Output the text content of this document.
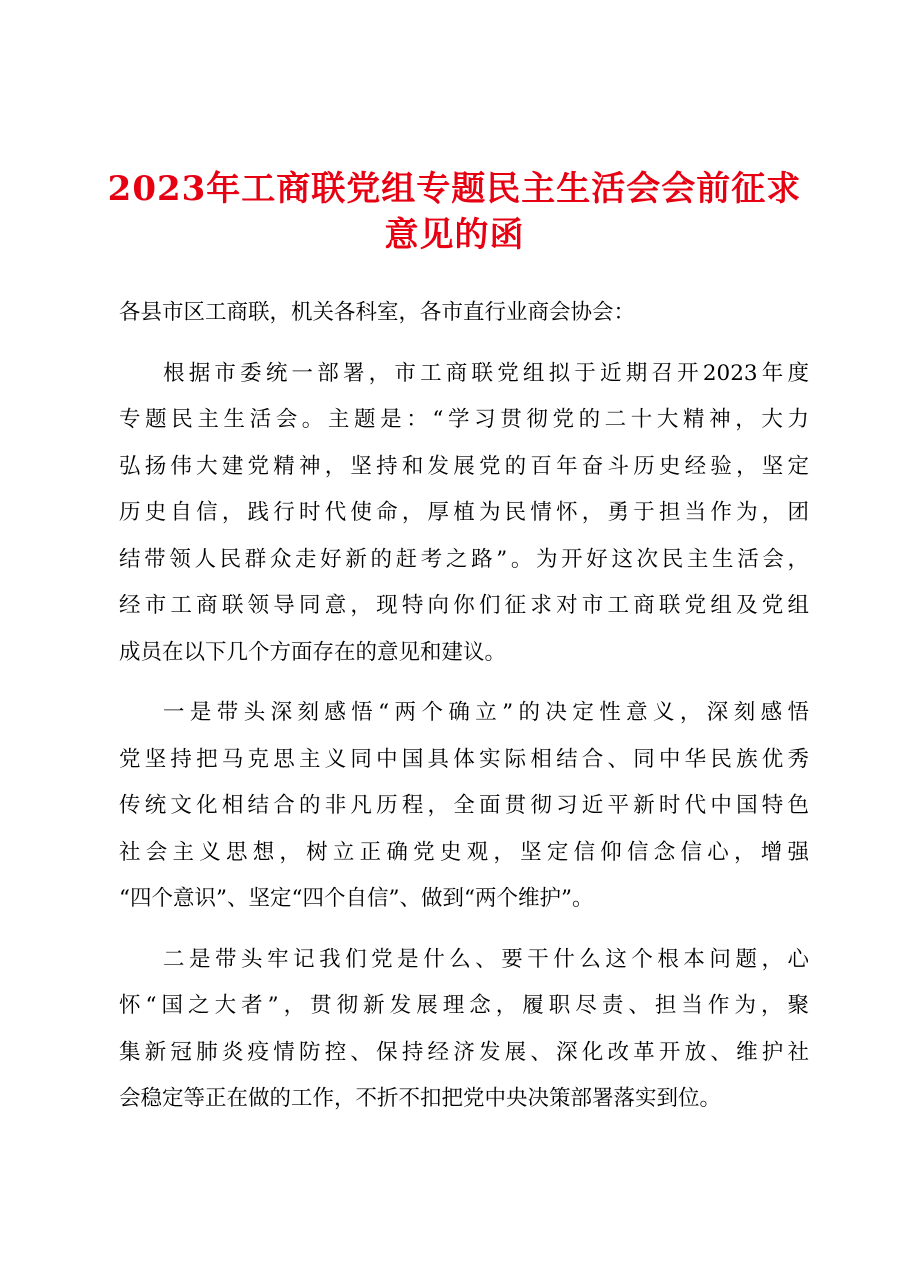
2023年工商联党组专题民主生活会会前征求
意见的函
各县市区工商联，机关各科室，各市直行业商会协会：
根据市委统一部署，市工商联党组拟于近期召开2023年度
专题民主生活会。主题是：“学习贯彻党的二十大精神，大力
弘扬伟大建党精神，坚持和发展党的百年奋斗历史经验，坚定
历史自信，践行时代使命，厚植为民情怀，勇于担当作为，团
结带领人民群众走好新的赶考之路”。为开好这次民主生活会，
经市工商联领导同意，现特向你们征求对市工商联党组及党组
成员在以下几个方面存在的意见和建议。
一是带头深刻感悟“两个确立”的决定性意义，深刻感悟
党坚持把马克思主义同中国具体实际相结合、同中华民族优秀
传统文化相结合的非凡历程，全面贯彻习近平新时代中国特色
社会主义思想，树立正确党史观，坚定信仰信念信心，增强
“四个意识”、坚定“四个自信”、做到“两个维护”。
二是带头牢记我们党是什么、要干什么这个根本问题，心
怀“国之大者”，贯彻新发展理念，履职尽责、担当作为，聚
集新冠肺炎疫情防控、保持经济发展、深化改革开放、维护社
会稳定等正在做的工作，不折不扣把党中央决策部署落实到位。
